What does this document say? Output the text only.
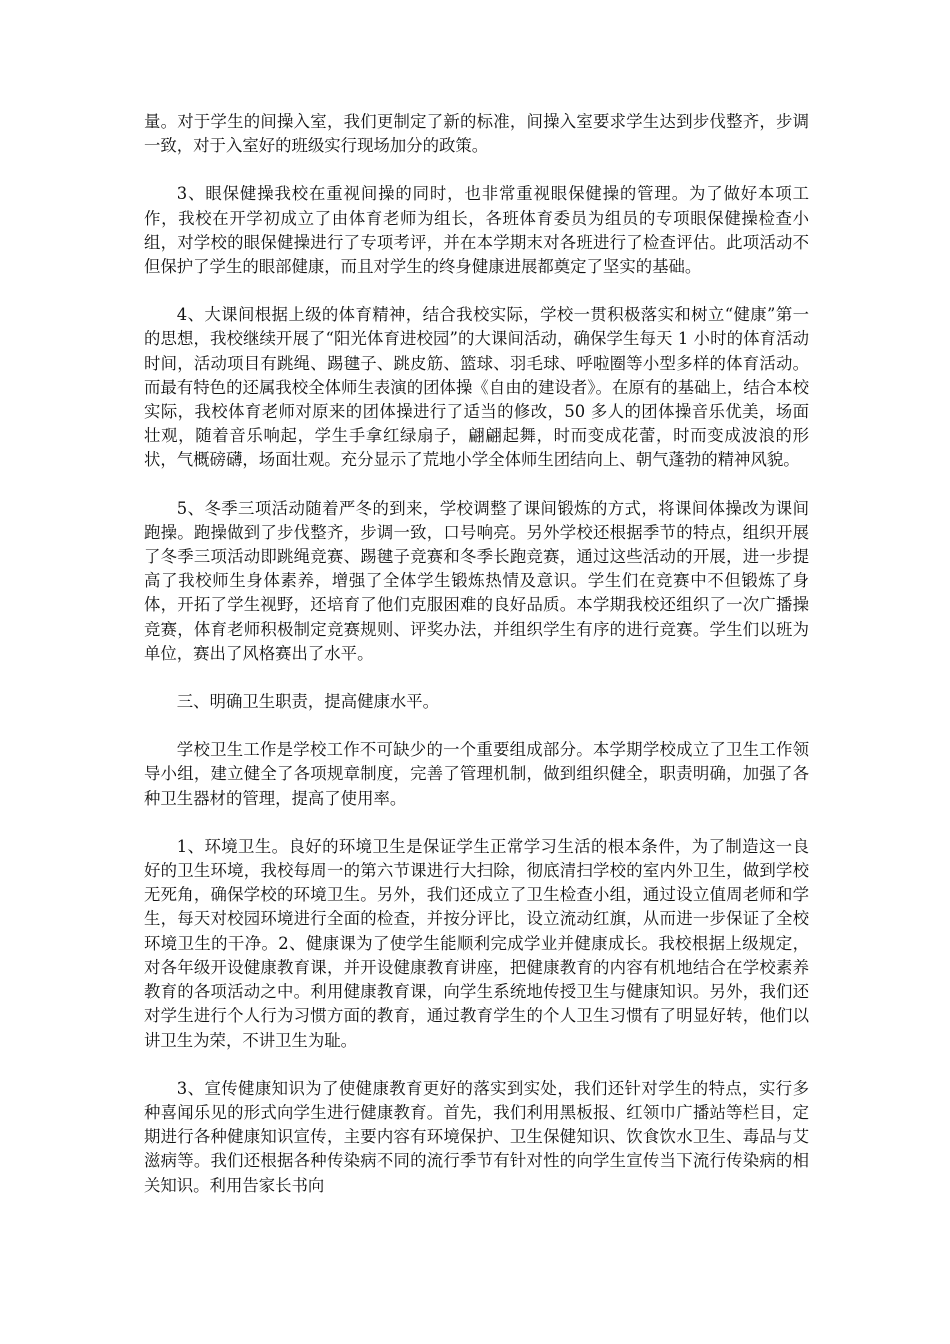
量。对于学生的间操入室，我们更制定了新的标准，间操入室要求学生达到步伐整齐，步调一致，对于入室好的班级实行现场加分的政策。

3、眼保健操我校在重视间操的同时，也非常重视眼保健操的管理。为了做好本项工作，我校在开学初成立了由体育老师为组长，各班体育委员为组员的专项眼保健操检查小组，对学校的眼保健操进行了专项考评，并在本学期末对各班进行了检查评估。此项活动不但保护了学生的眼部健康，而且对学生的终身健康进展都奠定了坚实的基础。

4、大课间根据上级的体育精神，结合我校实际，学校一贯积极落实和树立“健康”第一的思想，我校继续开展了“阳光体育进校园”的大课间活动，确保学生每天 1 小时的体育活动时间，活动项目有跳绳、踢毽子、跳皮筋、篮球、羽毛球、呼啦圈等小型多样的体育活动。而最有特色的还属我校全体师生表演的团体操《自由的建设者》。在原有的基础上，结合本校实际，我校体育老师对原来的团体操进行了适当的修改，50 多人的团体操音乐优美，场面壮观，随着音乐响起，学生手拿红绿扇子，翩翩起舞，时而变成花蕾，时而变成波浪的形状，气概磅礴，场面壮观。充分显示了荒地小学全体师生团结向上、朝气蓬勃的精神风貌。

5、冬季三项活动随着严冬的到来，学校调整了课间锻炼的方式，将课间体操改为课间跑操。跑操做到了步伐整齐，步调一致，口号响亮。另外学校还根据季节的特点，组织开展了冬季三项活动即跳绳竞赛、踢毽子竞赛和冬季长跑竞赛，通过这些活动的开展，进一步提高了我校师生身体素养，增强了全体学生锻炼热情及意识。学生们在竞赛中不但锻炼了身体，开拓了学生视野，还培育了他们克服困难的良好品质。本学期我校还组织了一次广播操竞赛，体育老师积极制定竞赛规则、评奖办法，并组织学生有序的进行竞赛。学生们以班为单位，赛出了风格赛出了水平。

三、明确卫生职责，提高健康水平。

学校卫生工作是学校工作不可缺少的一个重要组成部分。本学期学校成立了卫生工作领导小组，建立健全了各项规章制度，完善了管理机制，做到组织健全，职责明确，加强了各种卫生器材的管理，提高了使用率。

1、环境卫生。良好的环境卫生是保证学生正常学习生活的根本条件，为了制造这一良好的卫生环境，我校每周一的第六节课进行大扫除，彻底清扫学校的室内外卫生，做到学校无死角，确保学校的环境卫生。另外，我们还成立了卫生检查小组，通过设立值周老师和学生，每天对校园环境进行全面的检查，并按分评比，设立流动红旗，从而进一步保证了全校环境卫生的干净。2、健康课为了使学生能顺利完成学业并健康成长。我校根据上级规定，对各年级开设健康教育课，并开设健康教育讲座，把健康教育的内容有机地结合在学校素养教育的各项活动之中。利用健康教育课，向学生系统地传授卫生与健康知识。另外，我们还对学生进行个人行为习惯方面的教育，通过教育学生的个人卫生习惯有了明显好转，他们以讲卫生为荣，不讲卫生为耻。

3、宣传健康知识为了使健康教育更好的落实到实处，我们还针对学生的特点，实行多种喜闻乐见的形式向学生进行健康教育。首先，我们利用黑板报、红领巾广播站等栏目，定期进行各种健康知识宣传，主要内容有环境保护、卫生保健知识、饮食饮水卫生、毒品与艾滋病等。我们还根据各种传染病不同的流行季节有针对性的向学生宣传当下流行传染病的相关知识。利用告家长书向
